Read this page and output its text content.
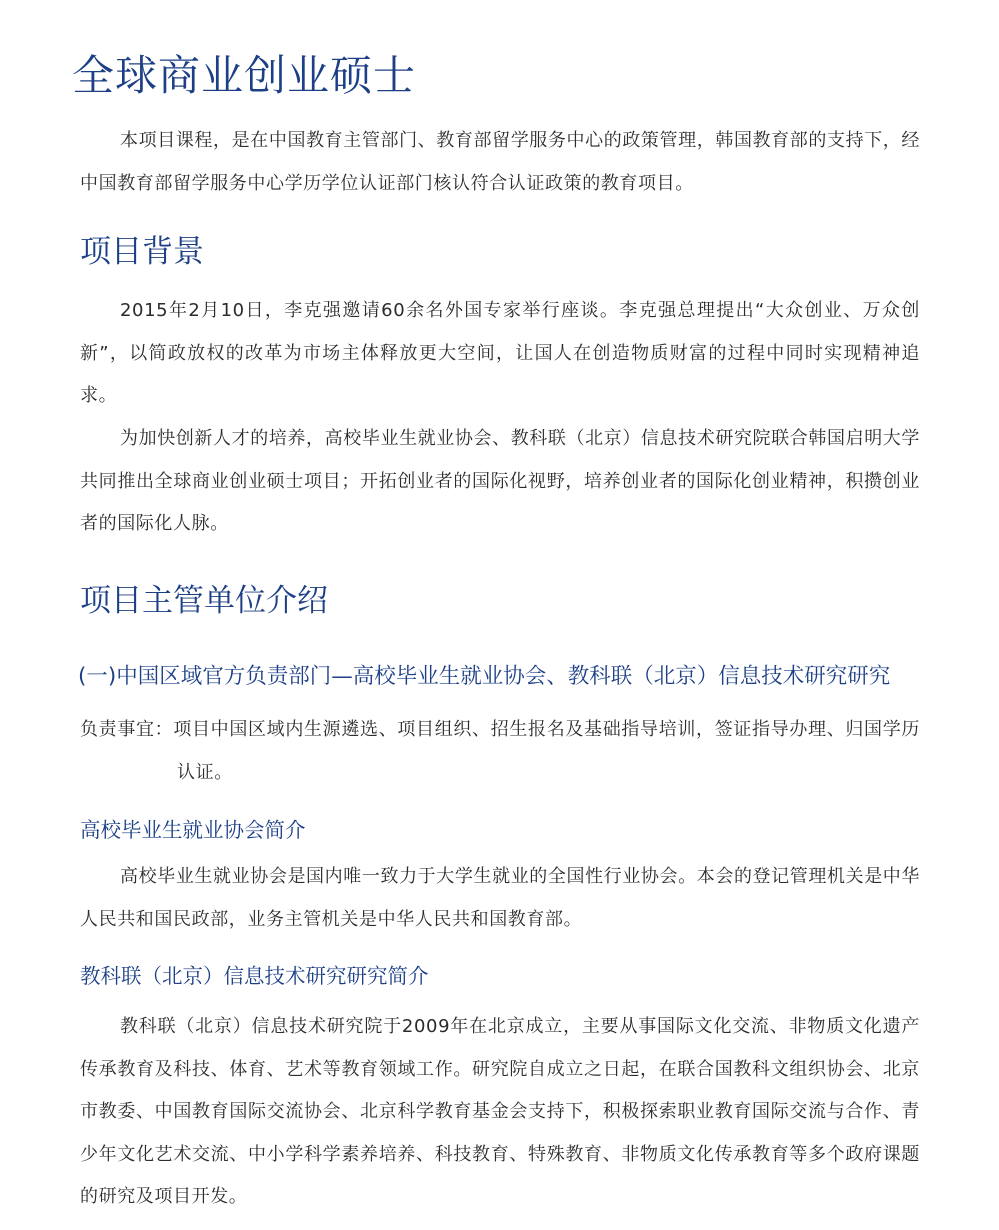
全球商业创业硕士

本项目课程，是在中国教育主管部门、教育部留学服务中心的政策管理，韩国教育部的支持下，经中国教育部留学服务中心学历学位认证部门核认符合认证政策的教育项目。

项目背景

2015年2月10日，李克强邀请60余名外国专家举行座谈。李克强总理提出“大众创业、万众创新”，以简政放权的改革为市场主体释放更大空间，让国人在创造物质财富的过程中同时实现精神追求。

为加快创新人才的培养，高校毕业生就业协会、教科联（北京）信息技术研究院联合韩国启明大学共同推出全球商业创业硕士项目；开拓创业者的国际化视野，培养创业者的国际化创业精神，积攒创业者的国际化人脉。

项目主管单位介绍
(一)中国区域官方负责部门—高校毕业生就业协会、教科联（北京）信息技术研究研究

负责事宜：项目中国区域内生源遴选、项目组织、招生报名及基础指导培训，签证指导办理、归国学历认证。

高校毕业生就业协会简介

高校毕业生就业协会是国内唯一致力于大学生就业的全国性行业协会。本会的登记管理机关是中华人民共和国民政部，业务主管机关是中华人民共和国教育部。

教科联（北京）信息技术研究研究简介

教科联（北京）信息技术研究院于2009年在北京成立，主要从事国际文化交流、非物质文化遗产传承教育及科技、体育、艺术等教育领域工作。研究院自成立之日起，在联合国教科文组织协会、北京市教委、中国教育国际交流协会、北京科学教育基金会支持下，积极探索职业教育国际交流与合作、青少年文化艺术交流、中小学科学素养培养、科技教育、特殊教育、非物质文化传承教育等多个政府课题的研究及项目开发。
